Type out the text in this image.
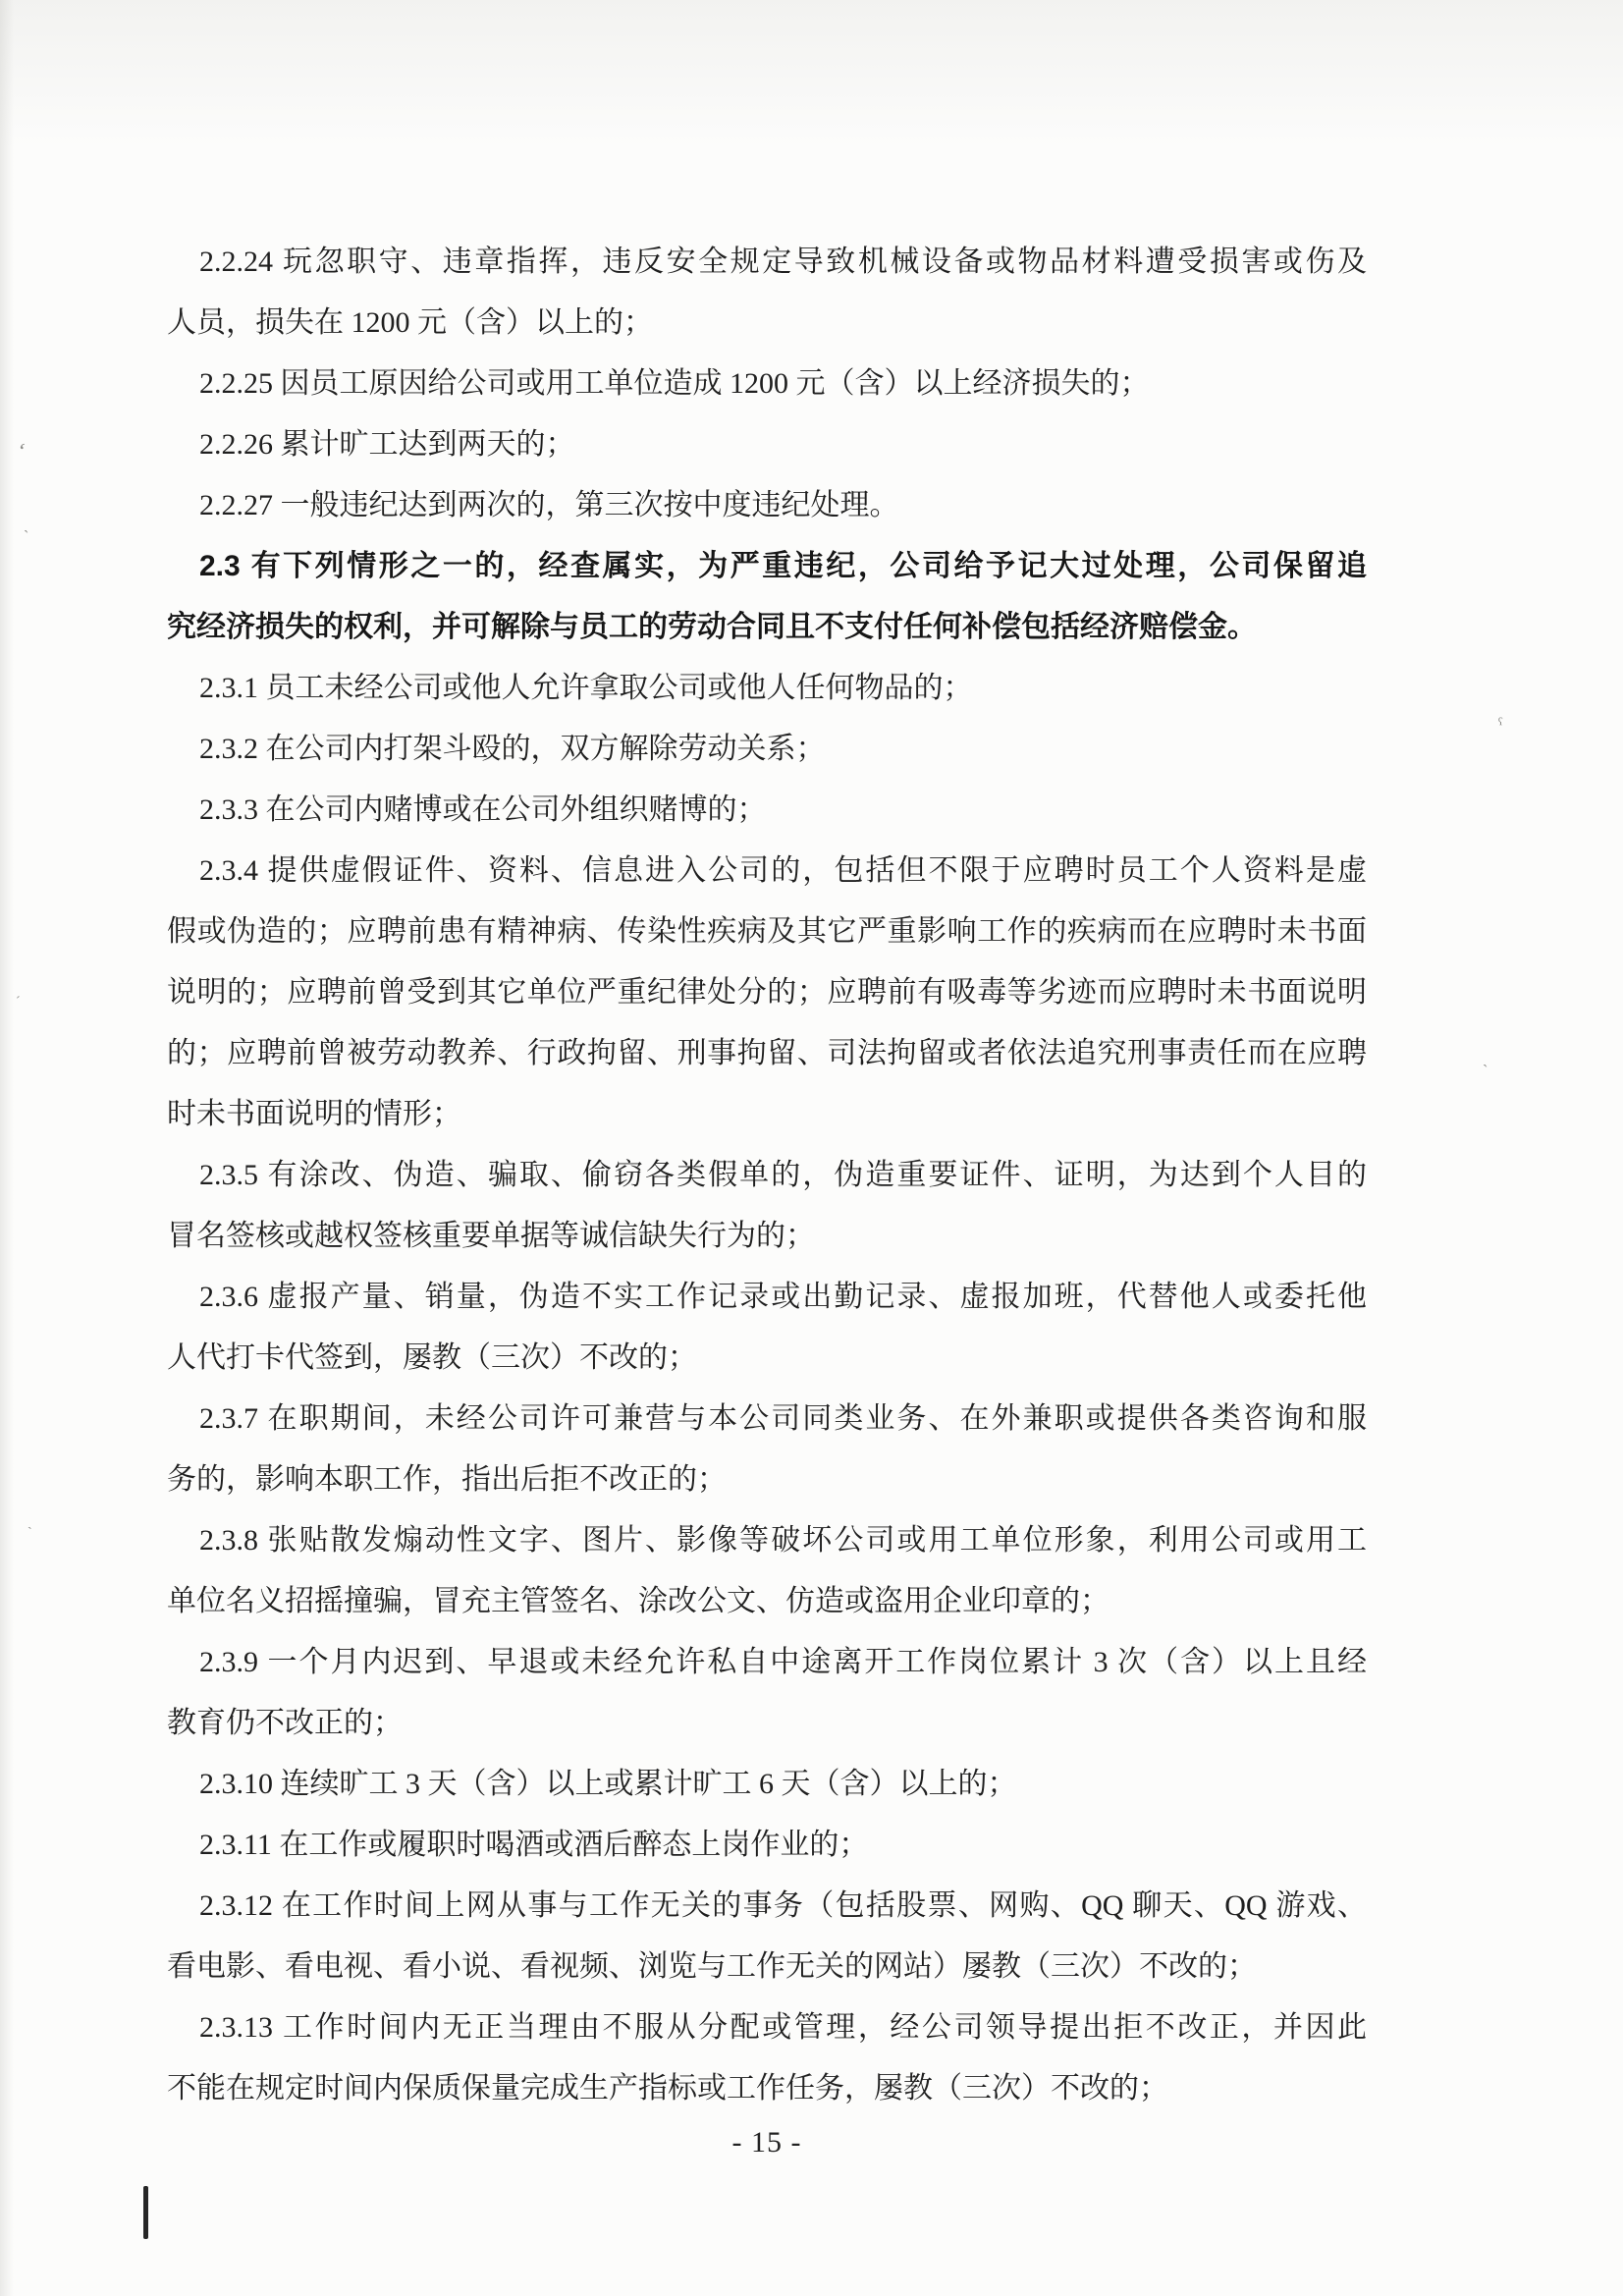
2.2.24 玩忽职守、违章指挥，违反安全规定导致机械设备或物品材料遭受损害或伤及
人员，损失在 1200 元（含）以上的；
2.2.25 因员工原因给公司或用工单位造成 1200 元（含）以上经济损失的；
2.2.26 累计旷工达到两天的；
2.2.27 一般违纪达到两次的，第三次按中度违纪处理。
2.3 有下列情形之一的，经查属实，为严重违纪，公司给予记大过处理，公司保留追
究经济损失的权利，并可解除与员工的劳动合同且不支付任何补偿包括经济赔偿金。
2.3.1 员工未经公司或他人允许拿取公司或他人任何物品的；
2.3.2 在公司内打架斗殴的，双方解除劳动关系；
2.3.3 在公司内赌博或在公司外组织赌博的；
2.3.4 提供虚假证件、资料、信息进入公司的，包括但不限于应聘时员工个人资料是虚
假或伪造的；应聘前患有精神病、传染性疾病及其它严重影响工作的疾病而在应聘时未书面
说明的；应聘前曾受到其它单位严重纪律处分的；应聘前有吸毒等劣迹而应聘时未书面说明
的；应聘前曾被劳动教养、行政拘留、刑事拘留、司法拘留或者依法追究刑事责任而在应聘
时未书面说明的情形；
2.3.5 有涂改、伪造、骗取、偷窃各类假单的，伪造重要证件、证明，为达到个人目的
冒名签核或越权签核重要单据等诚信缺失行为的；
2.3.6 虚报产量、销量，伪造不实工作记录或出勤记录、虚报加班，代替他人或委托他
人代打卡代签到，屡教（三次）不改的；
2.3.7 在职期间，未经公司许可兼营与本公司同类业务、在外兼职或提供各类咨询和服
务的，影响本职工作，指出后拒不改正的；
2.3.8 张贴散发煽动性文字、图片、影像等破坏公司或用工单位形象，利用公司或用工
单位名义招摇撞骗，冒充主管签名、涂改公文、仿造或盗用企业印章的；
2.3.9 一个月内迟到、早退或未经允许私自中途离开工作岗位累计 3 次（含）以上且经
教育仍不改正的；
2.3.10 连续旷工 3 天（含）以上或累计旷工 6 天（含）以上的；
2.3.11 在工作或履职时喝酒或酒后醉态上岗作业的；
2.3.12 在工作时间上网从事与工作无关的事务（包括股票、网购、QQ 聊天、QQ 游戏、
看电影、看电视、看小说、看视频、浏览与工作无关的网站）屡教（三次）不改的；
2.3.13 工作时间内无正当理由不服从分配或管理，经公司领导提出拒不改正，并因此
不能在规定时间内保质保量完成生产指标或工作任务，屡教（三次）不改的；
- 15 -
ʻ
ˏ
ˁ
ˎ
ˊ
ˎ
